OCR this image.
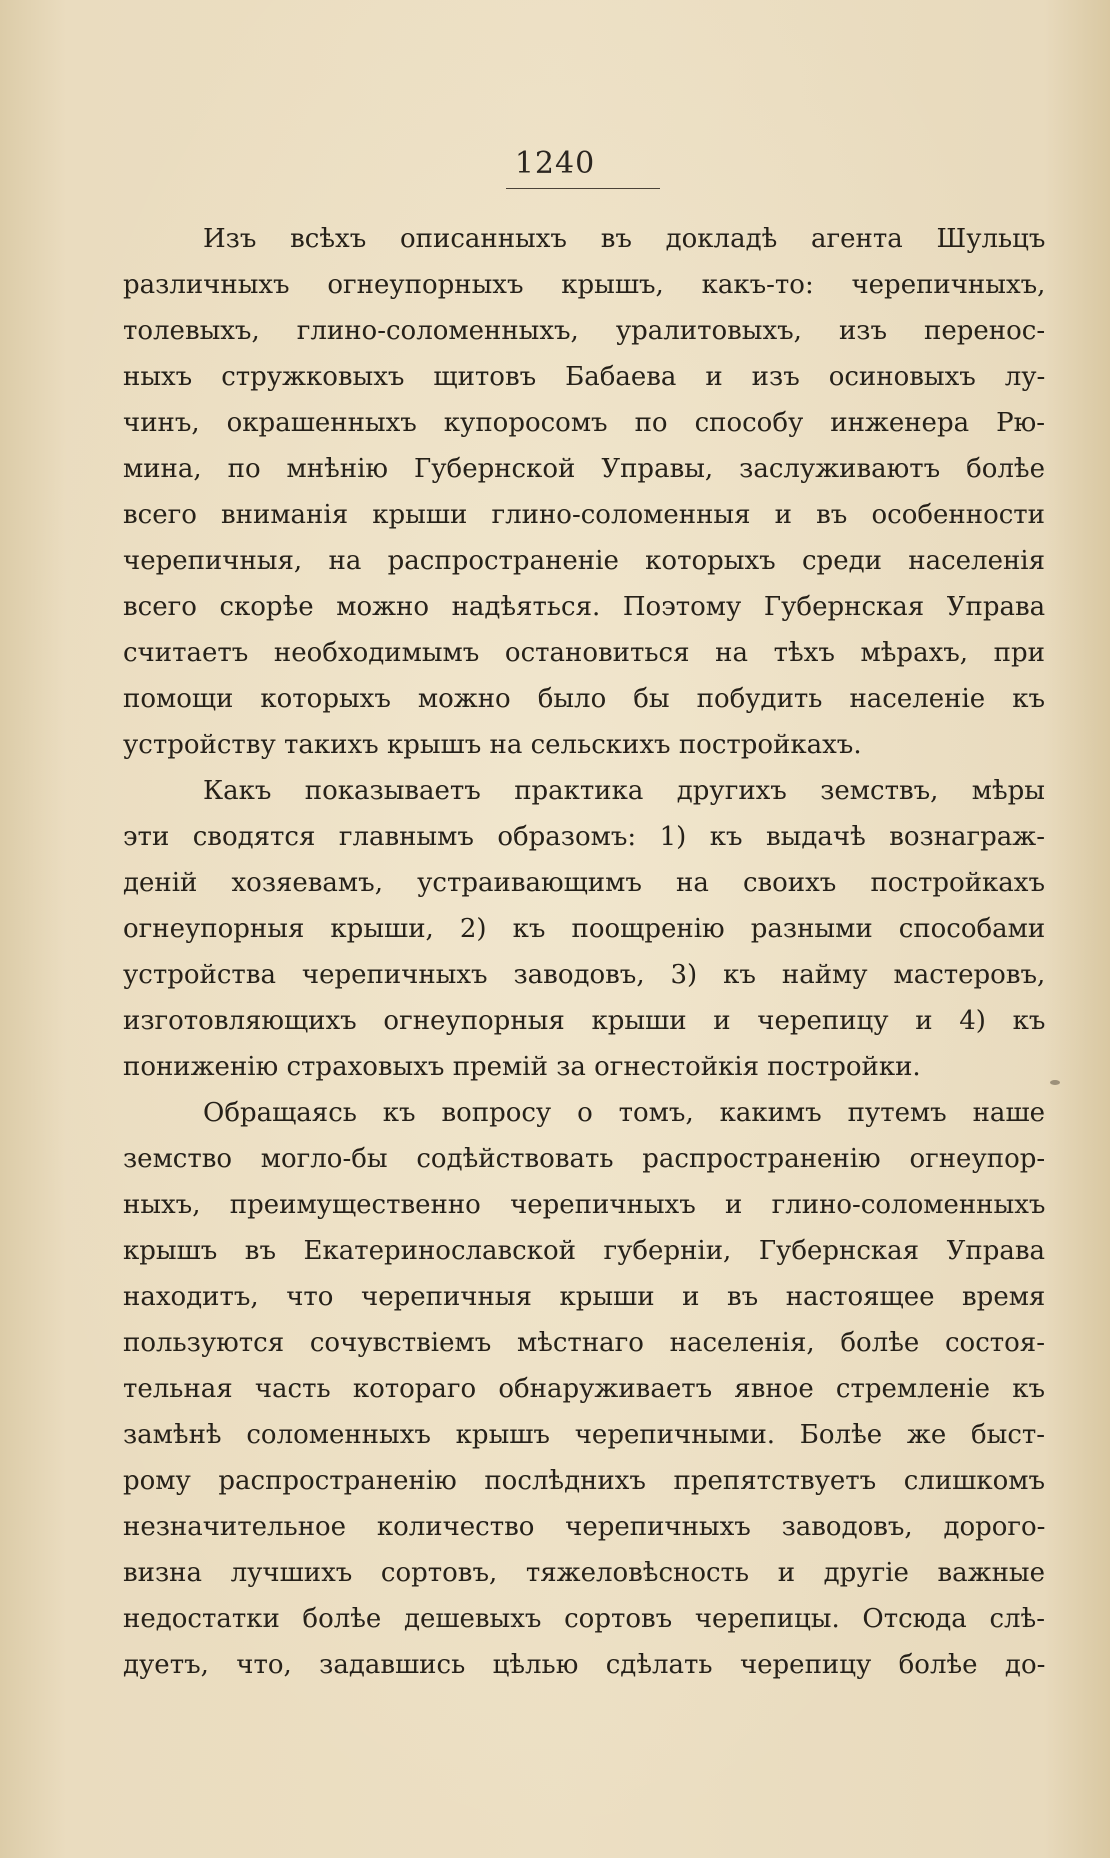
1240
Изъ всѣхъ описанныхъ въ докладѣ агента Шульцъ
различныхъ огнеупорныхъ крышъ, какъ-то: черепичныхъ,
толевыхъ, глино-соломенныхъ, уралитовыхъ, изъ перенос-
ныхъ стружковыхъ щитовъ Бабаева и изъ осиновыхъ лу-
чинъ, окрашенныхъ купоросомъ по способу инженера Рю-
мина, по мнѣнію Губернской Управы, заслуживаютъ болѣе
всего вниманія крыши глино-соломенныя и въ особенности
черепичныя, на распространеніе которыхъ среди населенія
всего скорѣе можно надѣяться. Поэтому Губернская Управа
считаетъ необходимымъ остановиться на тѣхъ мѣрахъ, при
помощи которыхъ можно было бы побудить населеніе къ
устройству такихъ крышъ на сельскихъ постройкахъ.
Какъ показываетъ практика другихъ земствъ, мѣры
эти сводятся главнымъ образомъ: 1) къ выдачѣ вознаграж-
деній хозяевамъ, устраивающимъ на своихъ постройкахъ
огнеупорныя крыши, 2) къ поощренію разными способами
устройства черепичныхъ заводовъ, 3) къ найму мастеровъ,
изготовляющихъ огнеупорныя крыши и черепицу и 4) къ
пониженію страховыхъ премій за огнестойкія постройки.
Обращаясь къ вопросу о томъ, какимъ путемъ наше
земство могло-бы содѣйствовать распространенію огнеупор-
ныхъ, преимущественно черепичныхъ и глино-соломенныхъ
крышъ въ Екатеринославской губерніи, Губернская Управа
находитъ, что черепичныя крыши и въ настоящее время
пользуются сочувствіемъ мѣстнаго населенія, болѣе состоя-
тельная часть котораго обнаруживаетъ явное стремленіе къ
замѣнѣ соломенныхъ крышъ черепичными. Болѣе же быст-
рому распространенію послѣднихъ препятствуетъ слишкомъ
незначительное количество черепичныхъ заводовъ, дорого-
визна лучшихъ сортовъ, тяжеловѣсность и другіе важные
недостатки болѣе дешевыхъ сортовъ черепицы. Отсюда слѣ-
дуетъ, что, задавшись цѣлью сдѣлать черепицу болѣе до-
